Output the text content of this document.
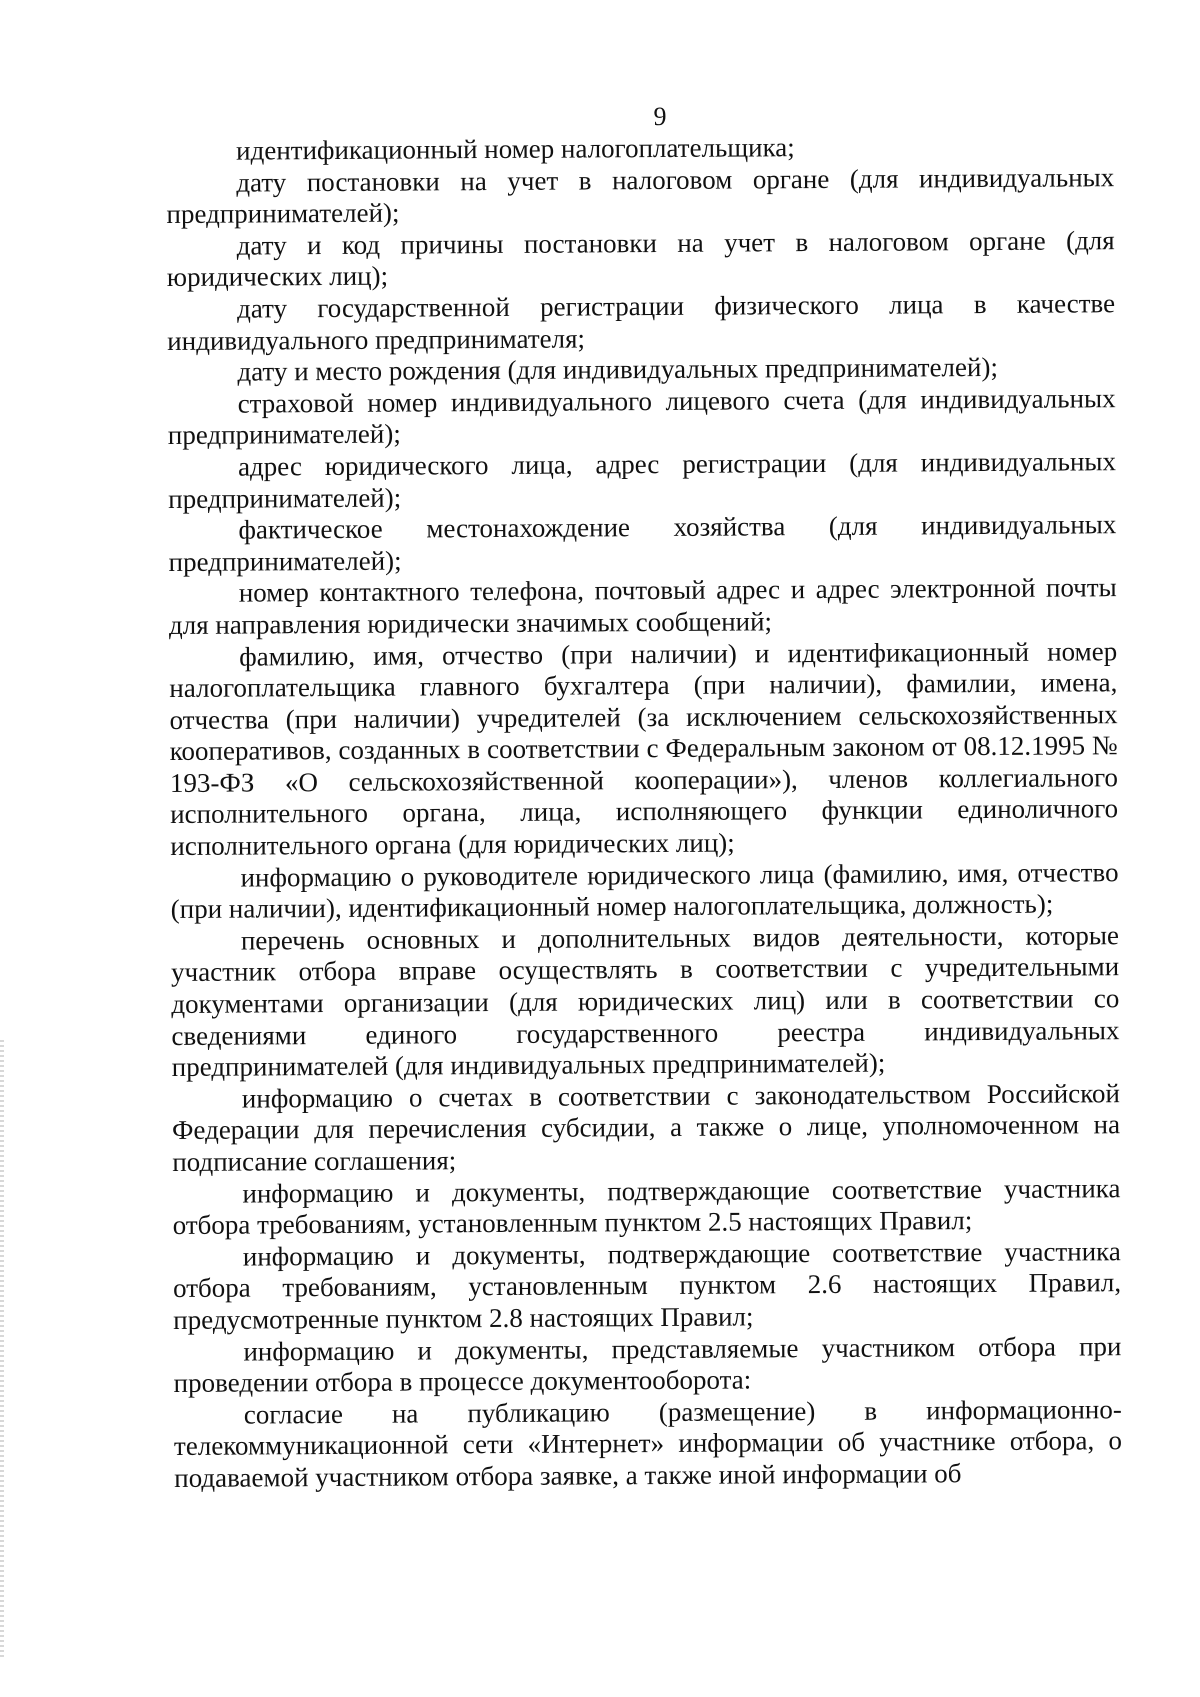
9

идентификационный номер налогоплательщика;

дату постановки на учет в налоговом органе (для индивидуальных предпринимателей);

дату и код причины постановки на учет в налоговом органе (для юридических лиц);

дату государственной регистрации физического лица в качестве индивидуального предпринимателя;

дату и место рождения (для индивидуальных предпринимателей);

страховой номер индивидуального лицевого счета (для индивидуальных предпринимателей);

адрес юридического лица, адрес регистрации (для индивидуальных предпринимателей);

фактическое местонахождение хозяйства (для индивидуальных предпринимателей);

номер контактного телефона, почтовый адрес и адрес электронной почты для направления юридически значимых сообщений;

фамилию, имя, отчество (при наличии) и идентификационный номер налогоплательщика главного бухгалтера (при наличии), фамилии, имена, отчества (при наличии) учредителей (за исключением сельскохозяйственных кооперативов, созданных в соответствии с Федеральным законом от 08.12.1995 № 193-ФЗ «О сельскохозяйственной кооперации»), членов коллегиального исполнительного органа, лица, исполняющего функции единоличного исполнительного органа (для юридических лиц);

информацию о руководителе юридического лица (фамилию, имя, отчество (при наличии), идентификационный номер налогоплательщика, должность);

перечень основных и дополнительных видов деятельности, которые участник отбора вправе осуществлять в соответствии с учредительными документами организации (для юридических лиц) или в соответствии со сведениями единого государственного реестра индивидуальных предпринимателей (для индивидуальных предпринимателей);

информацию о счетах в соответствии с законодательством Российской Федерации для перечисления субсидии, а также о лице, уполномоченном на подписание соглашения;

информацию и документы, подтверждающие соответствие участника отбора требованиям, установленным пунктом 2.5 настоящих Правил;

информацию и документы, подтверждающие соответствие участника отбора требованиям, установленным пунктом 2.6 настоящих Правил, предусмотренные пунктом 2.8 настоящих Правил;

информацию и документы, представляемые участником отбора при проведении отбора в процессе документооборота:

согласие на публикацию (размещение) в информационно-телекоммуникационной сети «Интернет» информации об участнике отбора, о подаваемой участником отбора заявке, а также иной информации об
